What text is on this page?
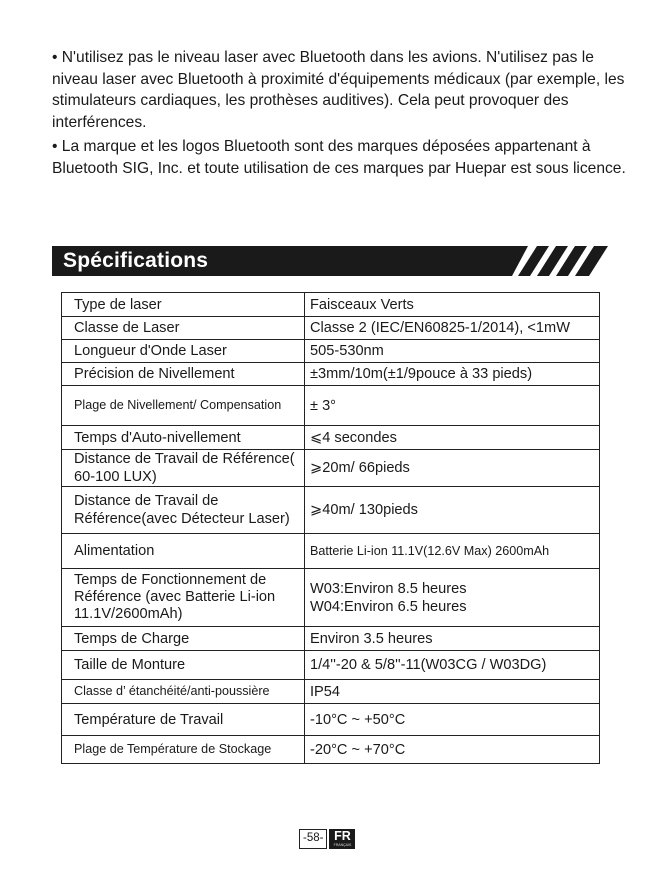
• N'utilisez pas le niveau laser avec Bluetooth dans les avions. N'utilisez pas le niveau laser avec Bluetooth à proximité d'équipements médicaux (par exemple, les stimulateurs cardiaques, les prothèses auditives). Cela peut provoquer des interférences.

• La marque et les logos Bluetooth sont des marques déposées appartenant à Bluetooth SIG, Inc. et toute utilisation de ces marques par Huepar est sous licence.

Spécifications
Type de laser	Faisceaux Verts

Classe de Laser	Classe 2 (IEC/EN60825-1/2014), <1mW

Longueur d'Onde Laser	505-530nm

Précision de Nivellement	±3mm/10m(±1/9pouce à 33 pieds)

Plage de Nivellement/ Compensation	± 3°

Temps d'Auto-nivellement	⩽4 secondes

Distance de Travail de Référence( 60-100 LUX)	⩾20m/ 66pieds

Distance de Travail de Référence(avec Détecteur Laser)	⩾40m/ 130pieds

Alimentation	Batterie Li-ion 11.1V(12.6V Max) 2600mAh

Temps de Fonctionnement de Référence (avec Batterie Li-ion 11.1V/2600mAh)	W03:Environ 8.5 heures
W04:Environ 6.5 heures

Temps de Charge	Environ 3.5 heures

Taille de Monture	1/4''-20 & 5/8''-11(W03CG / W03DG)

Classe d’ étanchéité/anti-poussière	IP54

Température de Travail	-10°C ~ +50°C

Plage de Température de Stockage	-20°C ~ +70°C
-58- FR
FRANÇAIS
